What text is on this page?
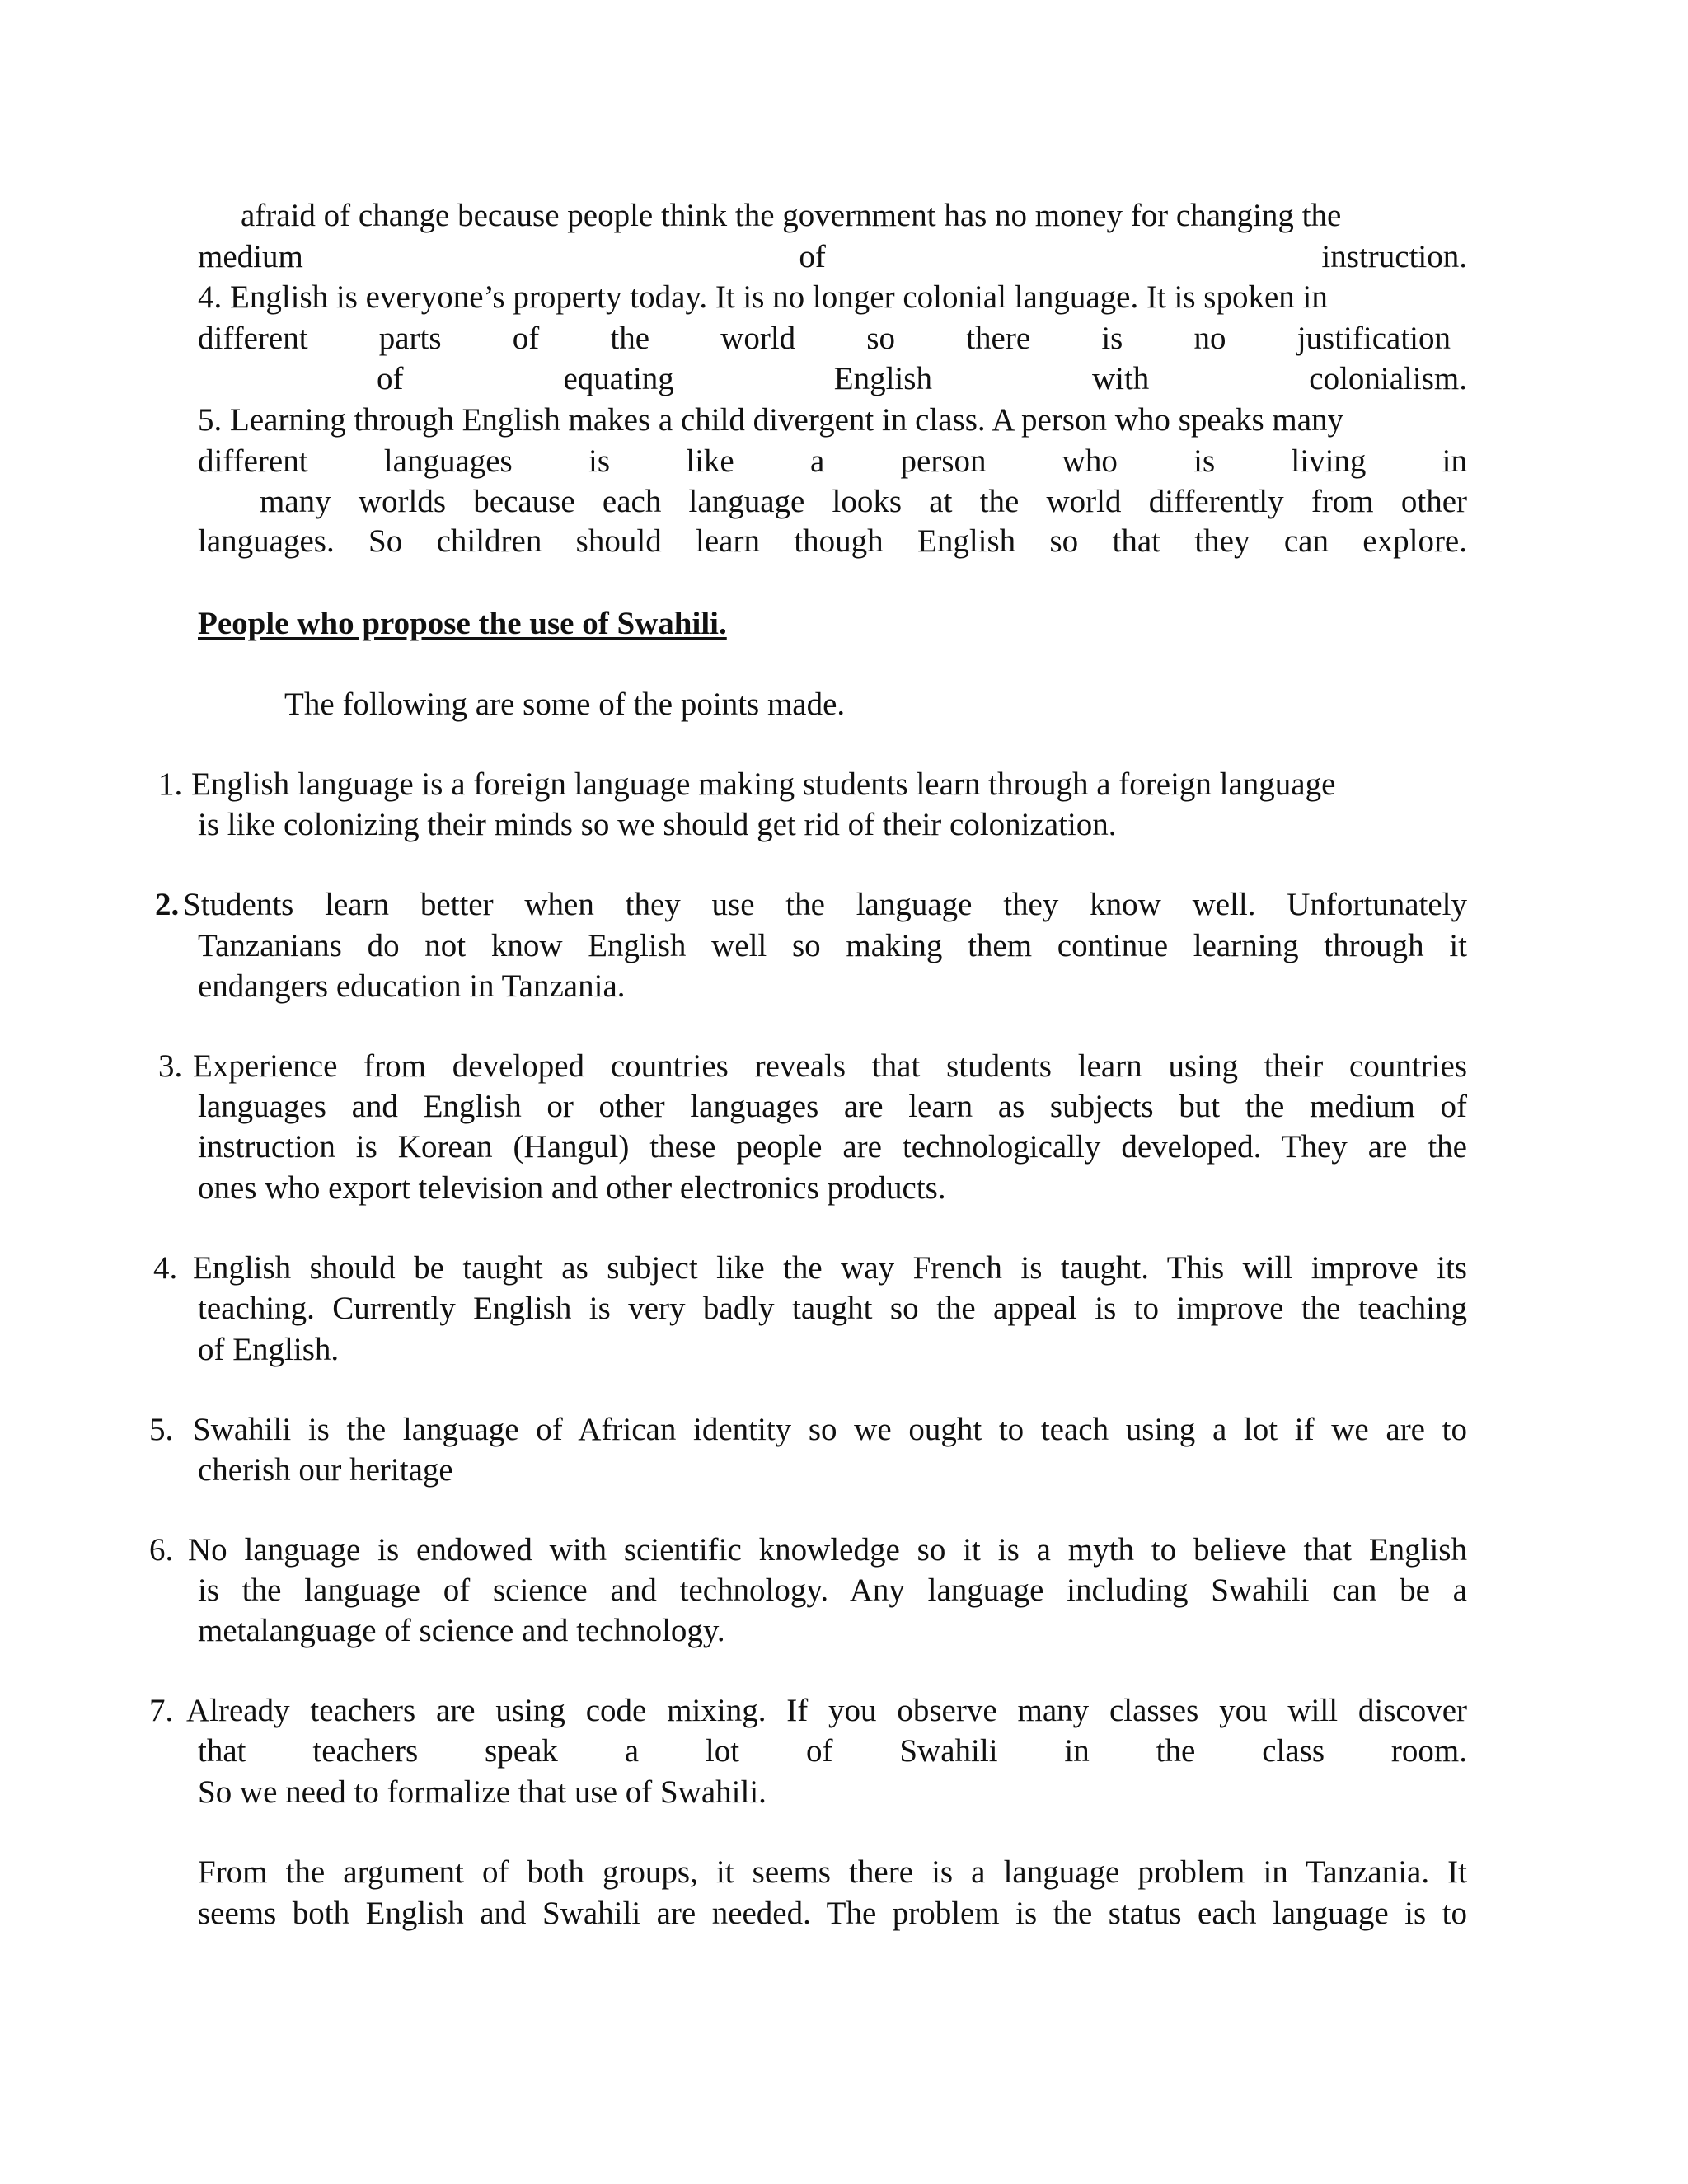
afraid of change because people think the government has no money for changing the

medium of instruction.

4. English is everyone’s property today. It is no longer colonial language. It is spoken in

different parts of the world so there is no justification

of equating English with colonialism.

5. Learning through English makes a child divergent in class. A person who speaks many

different languages is like a person who is living in

many worlds because each language looks at the world differently from other

languages. So children should learn though English so that they can explore.

People who propose the use of Swahili.

The following are some of the points made.

1. English language is a foreign language making students learn through a foreign language

is like colonizing their minds so we should get rid of their colonization.

2. Students learn better when they use the language they know well. Unfortunately

Tanzanians do not know English well so making them continue learning through it

endangers education in Tanzania.

3. Experience from developed countries reveals that students learn using their countries

languages and English or other languages are learn as subjects but the medium of

instruction is Korean (Hangul) these people are technologically developed. They are the

ones who export television and other electronics products.

4. English should be taught as subject like the way French is taught. This will improve its

teaching. Currently English is very badly taught so the appeal is to improve the teaching

of English.

5. Swahili is the language of African identity so we ought to teach using a lot if we are to

cherish our heritage

6. No language is endowed with scientific knowledge so it is a myth to believe that English

is the language of science and technology. Any language including Swahili can be a

metalanguage of science and technology.

7. Already teachers are using code mixing. If you observe many classes you will discover

that teachers speak a lot of Swahili in the class room.

So we need to formalize that use of Swahili.

From the argument of both groups, it seems there is a language problem in Tanzania. It

seems both English and Swahili are needed. The problem is the status each language is to
